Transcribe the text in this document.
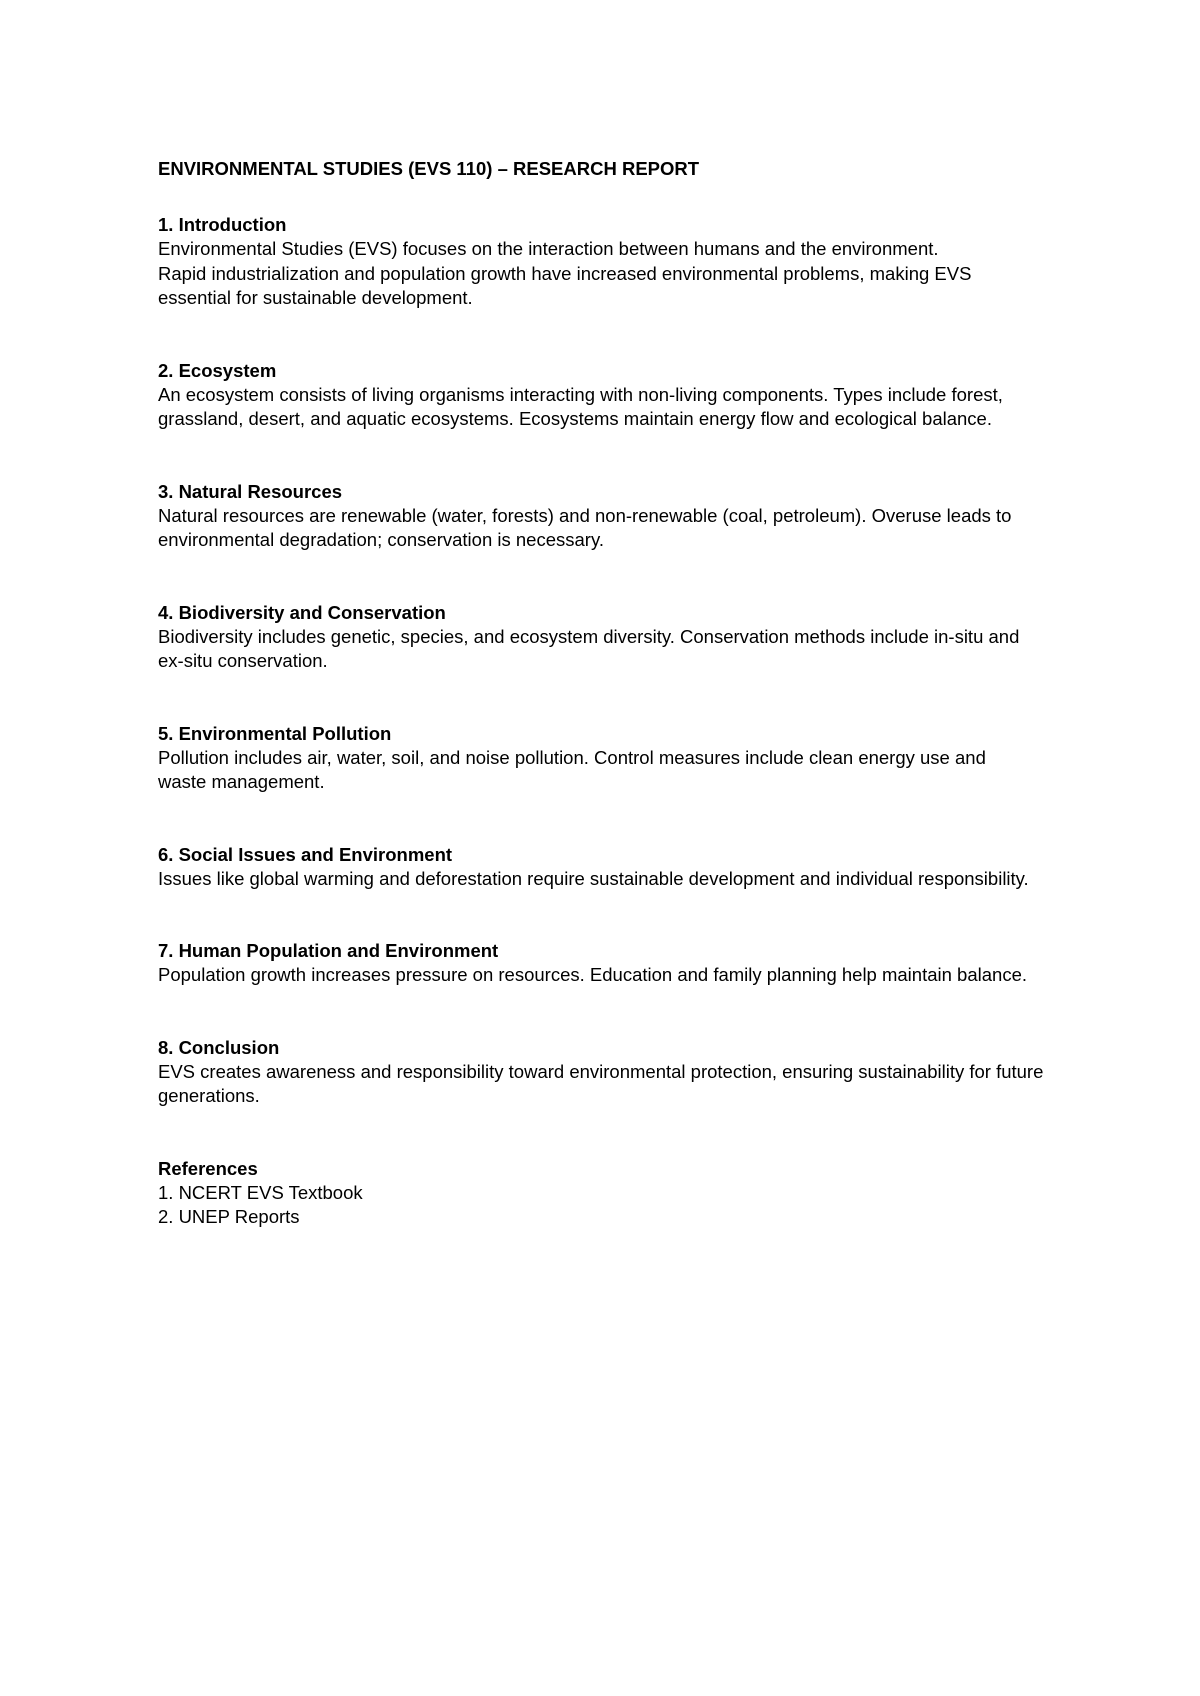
ENVIRONMENTAL STUDIES (EVS 110) – RESEARCH REPORT
1. Introduction
Environmental Studies (EVS) focuses on the interaction between humans and the environment. Rapid industrialization and population growth have increased environmental problems, making EVS essential for sustainable development.
2. Ecosystem
An ecosystem consists of living organisms interacting with non-living components. Types include forest, grassland, desert, and aquatic ecosystems. Ecosystems maintain energy flow and ecological balance.
3. Natural Resources
Natural resources are renewable (water, forests) and non-renewable (coal, petroleum). Overuse leads to environmental degradation; conservation is necessary.
4. Biodiversity and Conservation
Biodiversity includes genetic, species, and ecosystem diversity. Conservation methods include in-situ and ex-situ conservation.
5. Environmental Pollution
Pollution includes air, water, soil, and noise pollution. Control measures include clean energy use and waste management.
6. Social Issues and Environment
Issues like global warming and deforestation require sustainable development and individual responsibility.
7. Human Population and Environment
Population growth increases pressure on resources. Education and family planning help maintain balance.
8. Conclusion
EVS creates awareness and responsibility toward environmental protection, ensuring sustainability for future generations.
References
1. NCERT EVS Textbook
2. UNEP Reports
